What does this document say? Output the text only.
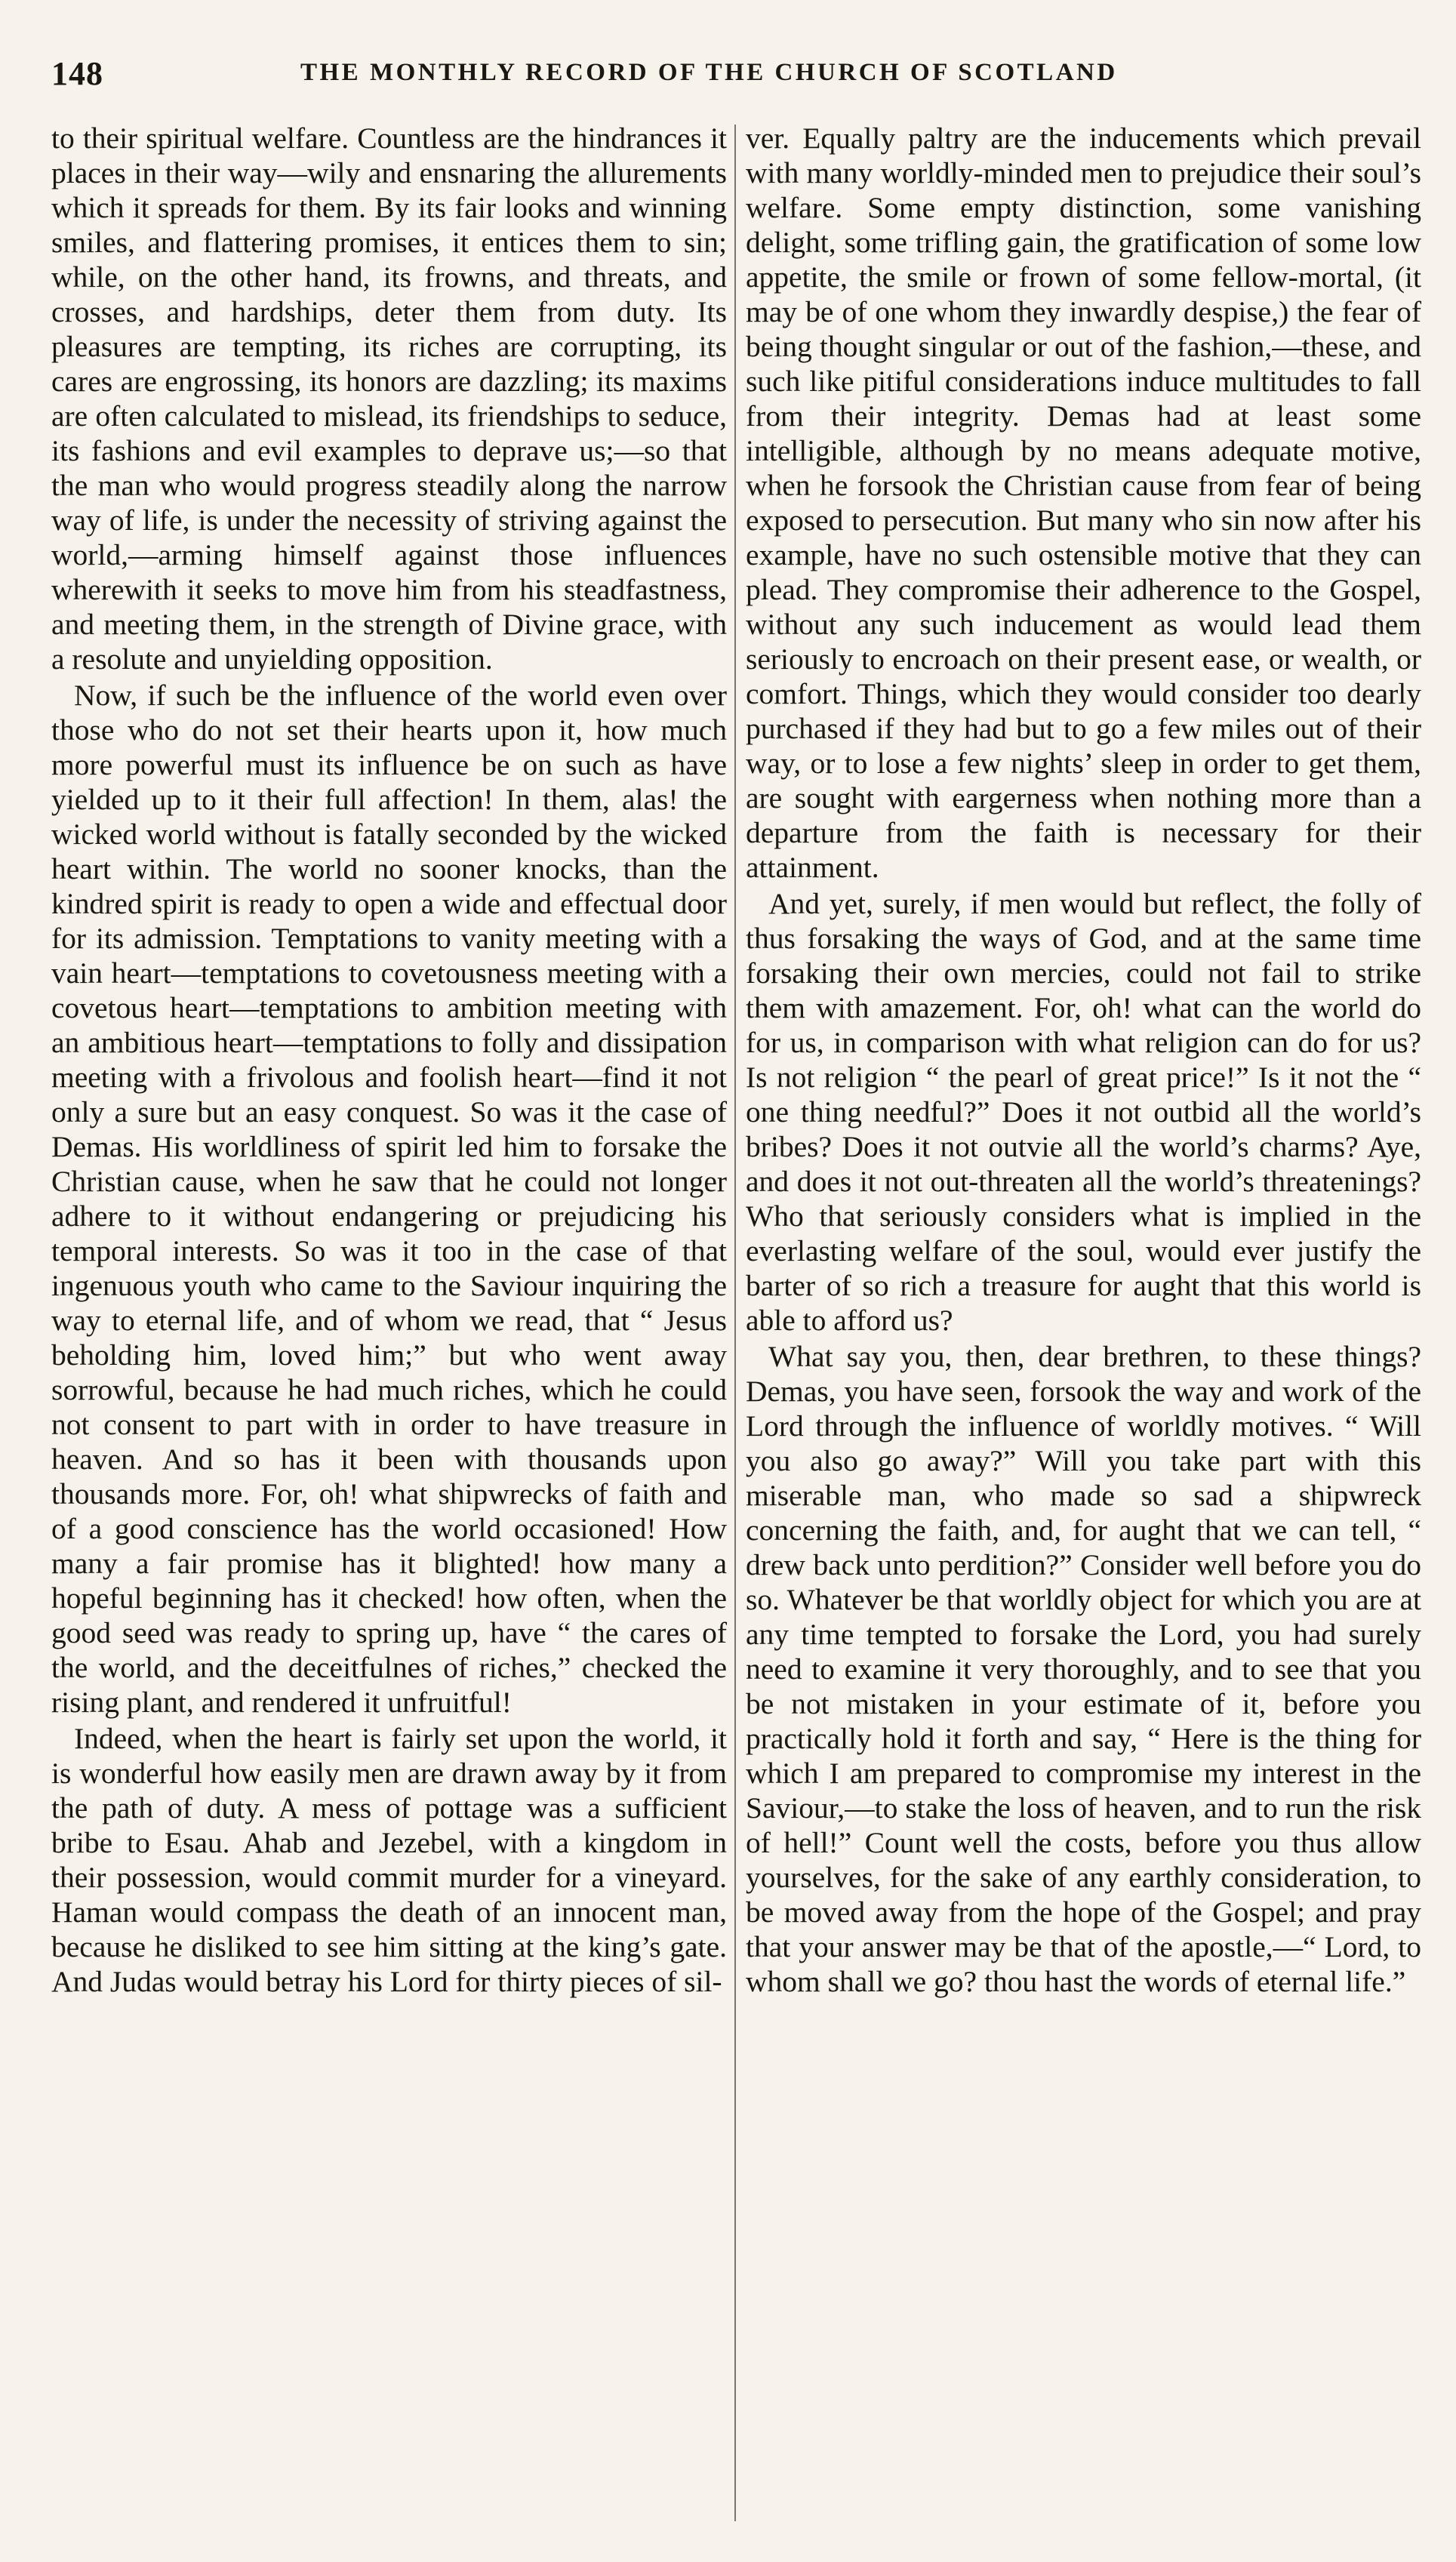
148	THE MONTHLY RECORD OF THE CHURCH OF SCOTLAND

to their spiritual welfare. Countless are the hindrances it places in their way—wily and ensnaring the allurements which it spreads for them. By its fair looks and winning smiles, and flattering promises, it entices them to sin; while, on the other hand, its frowns, and threats, and crosses, and hardships, deter them from duty. Its pleasures are tempting, its riches are corrupting, its cares are engrossing, its honors are dazzling; its maxims are often calculated to mislead, its friendships to seduce, its fashions and evil examples to deprave us;—so that the man who would progress steadily along the narrow way of life, is under the necessity of striving against the world,—arming himself against those influences wherewith it seeks to move him from his steadfastness, and meeting them, in the strength of Divine grace, with a resolute and unyielding opposition.

Now, if such be the influence of the world even over those who do not set their hearts upon it, how much more powerful must its influence be on such as have yielded up to it their full affection! In them, alas! the wicked world without is fatally seconded by the wicked heart within. The world no sooner knocks, than the kindred spirit is ready to open a wide and effectual door for its admission. Temptations to vanity meeting with a vain heart—temptations to covetousness meeting with a covetous heart—temptations to ambition meeting with an ambitious heart—temptations to folly and dissipation meeting with a frivolous and foolish heart—find it not only a sure but an easy conquest. So was it the case of Demas. His worldliness of spirit led him to forsake the Christian cause, when he saw that he could not longer adhere to it without endangering or prejudicing his temporal interests. So was it too in the case of that ingenuous youth who came to the Saviour inquiring the way to eternal life, and of whom we read, that “ Jesus beholding him, loved him;” but who went away sorrowful, because he had much riches, which he could not consent to part with in order to have treasure in heaven. And so has it been with thousands upon thousands more. For, oh! what shipwrecks of faith and of a good conscience has the world occasioned! How many a fair promise has it blighted! how many a hopeful beginning has it checked! how often, when the good seed was ready to spring up, have “ the cares of the world, and the deceitfulnes of riches,” checked the rising plant, and rendered it unfruitful!

Indeed, when the heart is fairly set upon the world, it is wonderful how easily men are drawn away by it from the path of duty. A mess of pottage was a sufficient bribe to Esau. Ahab and Jezebel, with a kingdom in their possession, would commit murder for a vineyard. Haman would compass the death of an innocent man, because he disliked to see him sitting at the king’s gate. And Judas would betray his Lord for thirty pieces of sil-

ver. Equally paltry are the inducements which prevail with many worldly-minded men to prejudice their soul’s welfare. Some empty distinction, some vanishing delight, some trifling gain, the gratification of some low appetite, the smile or frown of some fellow-mortal, (it may be of one whom they inwardly despise,) the fear of being thought singular or out of the fashion,—these, and such like pitiful considerations induce multitudes to fall from their integrity. Demas had at least some intelligible, although by no means adequate motive, when he forsook the Christian cause from fear of being exposed to persecution. But many who sin now after his example, have no such ostensible motive that they can plead. They compromise their adherence to the Gospel, without any such inducement as would lead them seriously to encroach on their present ease, or wealth, or comfort. Things, which they would consider too dearly purchased if they had but to go a few miles out of their way, or to lose a few nights’ sleep in order to get them, are sought with eargerness when nothing more than a departure from the faith is necessary for their attainment.

And yet, surely, if men would but reflect, the folly of thus forsaking the ways of God, and at the same time forsaking their own mercies, could not fail to strike them with amazement. For, oh! what can the world do for us, in comparison with what religion can do for us? Is not religion “ the pearl of great price!” Is it not the “ one thing needful?” Does it not outbid all the world’s bribes? Does it not outvie all the world’s charms? Aye, and does it not out-threaten all the world’s threatenings? Who that seriously considers what is implied in the everlasting welfare of the soul, would ever justify the barter of so rich a treasure for aught that this world is able to afford us?

What say you, then, dear brethren, to these things? Demas, you have seen, forsook the way and work of the Lord through the influence of worldly motives. “ Will you also go away?” Will you take part with this miserable man, who made so sad a shipwreck concerning the faith, and, for aught that we can tell, “ drew back unto perdition?” Consider well before you do so. Whatever be that worldly object for which you are at any time tempted to forsake the Lord, you had surely need to examine it very thoroughly, and to see that you be not mistaken in your estimate of it, before you practically hold it forth and say, “ Here is the thing for which I am prepared to compromise my interest in the Saviour,—to stake the loss of heaven, and to run the risk of hell!” Count well the costs, before you thus allow yourselves, for the sake of any earthly consideration, to be moved away from the hope of the Gospel; and pray that your answer may be that of the apostle,—“ Lord, to whom shall we go? thou hast the words of eternal life.”
